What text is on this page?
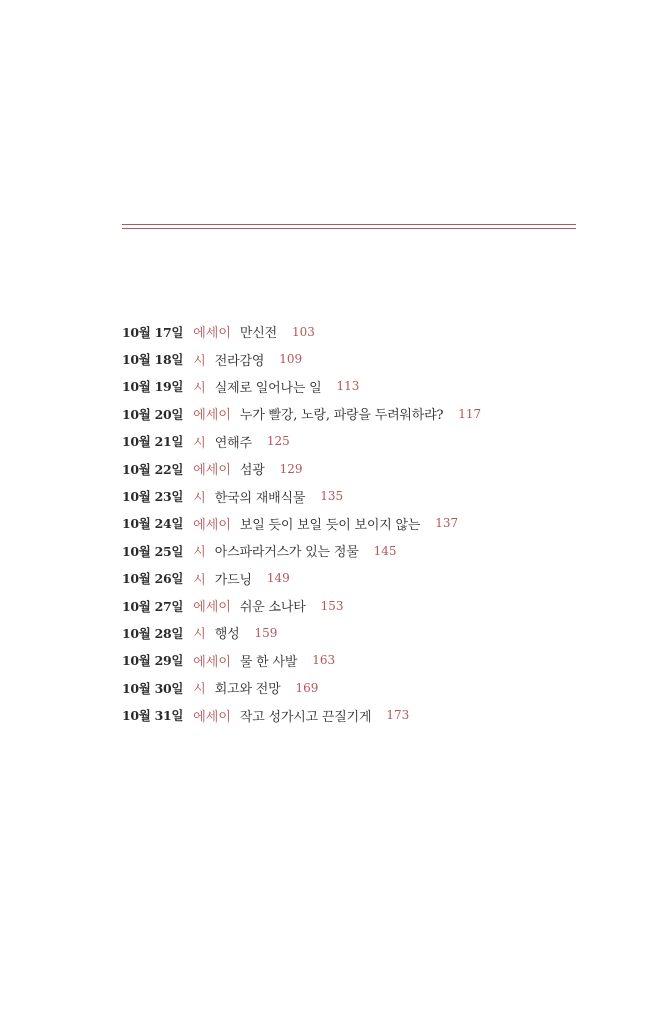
10월 17일 에세이 만신전 103
10월 18일 시 전라감영 109
10월 19일 시 실제로 일어나는 일 113
10월 20일 에세이 누가 빨강, 노랑, 파랑을 두려워하랴? 117
10월 21일 시 연해주 125
10월 22일 에세이 섬광 129
10월 23일 시 한국의 재배식물 135
10월 24일 에세이 보일 듯이 보일 듯이 보이지 않는 137
10월 25일 시 아스파라거스가 있는 정물 145
10월 26일 시 가드닝 149
10월 27일 에세이 쉬운 소나타 153
10월 28일 시 행성 159
10월 29일 에세이 물 한 사발 163
10월 30일 시 회고와 전망 169
10월 31일 에세이 작고 성가시고 끈질기게 173
